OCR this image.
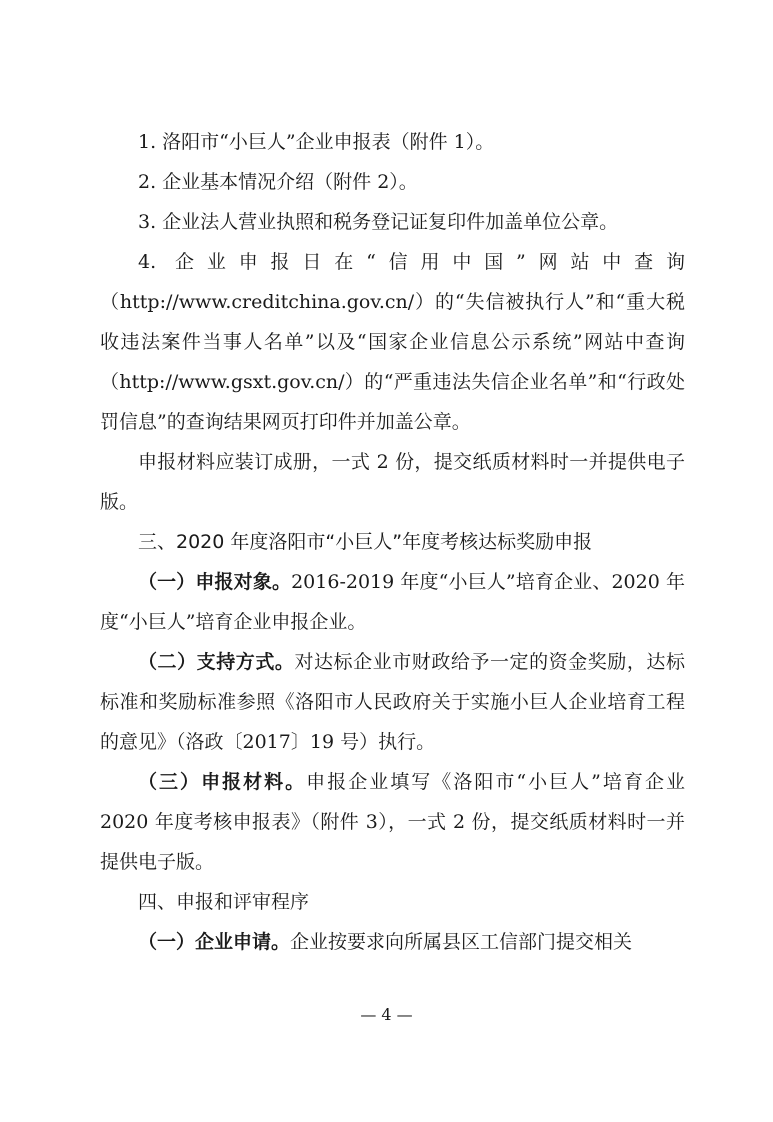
1. 洛阳市“小巨人”企业申报表（附件 1）。
2. 企业基本情况介绍（附件 2）。
3. 企业法人营业执照和税务登记证复印件加盖单位公章。
4. 企业申报日在“信用中国”网站中查询
（http://www.creditchina.gov.cn/）的“失信被执行人”和“重大税收违法案件当事人名单”以及“国家企业信息公示系统”网站中查询（http://www.gsxt.gov.cn/）的“严重违法失信企业名单”和“行政处罚信息”的查询结果网页打印件并加盖公章。
申报材料应装订成册，一式 2 份，提交纸质材料时一并提供电子版。
三、2020 年度洛阳市“小巨人”年度考核达标奖励申报
（一）申报对象。2016-2019 年度“小巨人”培育企业、2020 年度“小巨人”培育企业申报企业。
（二）支持方式。对达标企业市财政给予一定的资金奖励，达标标准和奖励标准参照《洛阳市人民政府关于实施小巨人企业培育工程的意见》（洛政〔2017〕19 号）执行。
（三）申报材料。申报企业填写《洛阳市“小巨人”培育企业 2020 年度考核申报表》（附件 3），一式 2 份，提交纸质材料时一并提供电子版。
四、申报和评审程序
（一）企业申请。企业按要求向所属县区工信部门提交相关
— 4 —
